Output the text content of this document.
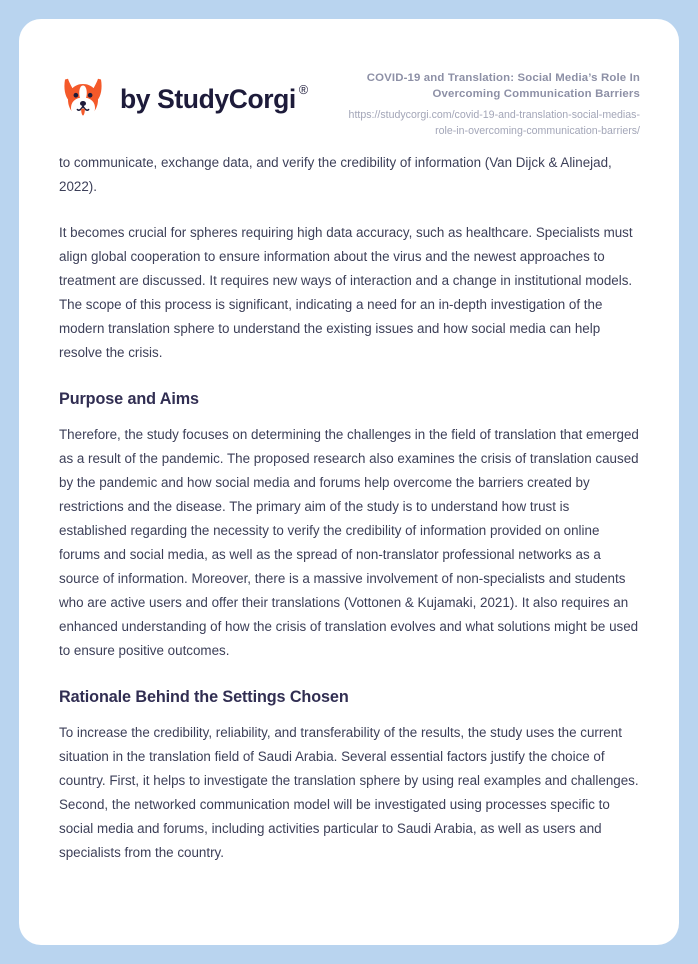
by StudyCorgi ®
COVID-19 and Translation: Social Media’s Role In Overcoming Communication Barriers
https://studycorgi.com/covid-19-and-translation-social-medias-role-in-overcoming-communication-barriers/

to communicate, exchange data, and verify the credibility of information (Van Dijck & Alinejad, 2022).

It becomes crucial for spheres requiring high data accuracy, such as healthcare. Specialists must align global cooperation to ensure information about the virus and the newest approaches to treatment are discussed. It requires new ways of interaction and a change in institutional models. The scope of this process is significant, indicating a need for an in-depth investigation of the modern translation sphere to understand the existing issues and how social media can help resolve the crisis.

Purpose and Aims

Therefore, the study focuses on determining the challenges in the field of translation that emerged as a result of the pandemic. The proposed research also examines the crisis of translation caused by the pandemic and how social media and forums help overcome the barriers created by restrictions and the disease. The primary aim of the study is to understand how trust is established regarding the necessity to verify the credibility of information provided on online forums and social media, as well as the spread of non-translator professional networks as a source of information. Moreover, there is a massive involvement of non-specialists and students who are active users and offer their translations (Vottonen & Kujamaki, 2021). It also requires an enhanced understanding of how the crisis of translation evolves and what solutions might be used to ensure positive outcomes.

Rationale Behind the Settings Chosen

To increase the credibility, reliability, and transferability of the results, the study uses the current situation in the translation field of Saudi Arabia. Several essential factors justify the choice of country. First, it helps to investigate the translation sphere by using real examples and challenges. Second, the networked communication model will be investigated using processes specific to social media and forums, including activities particular to Saudi Arabia, as well as users and specialists from the country.
